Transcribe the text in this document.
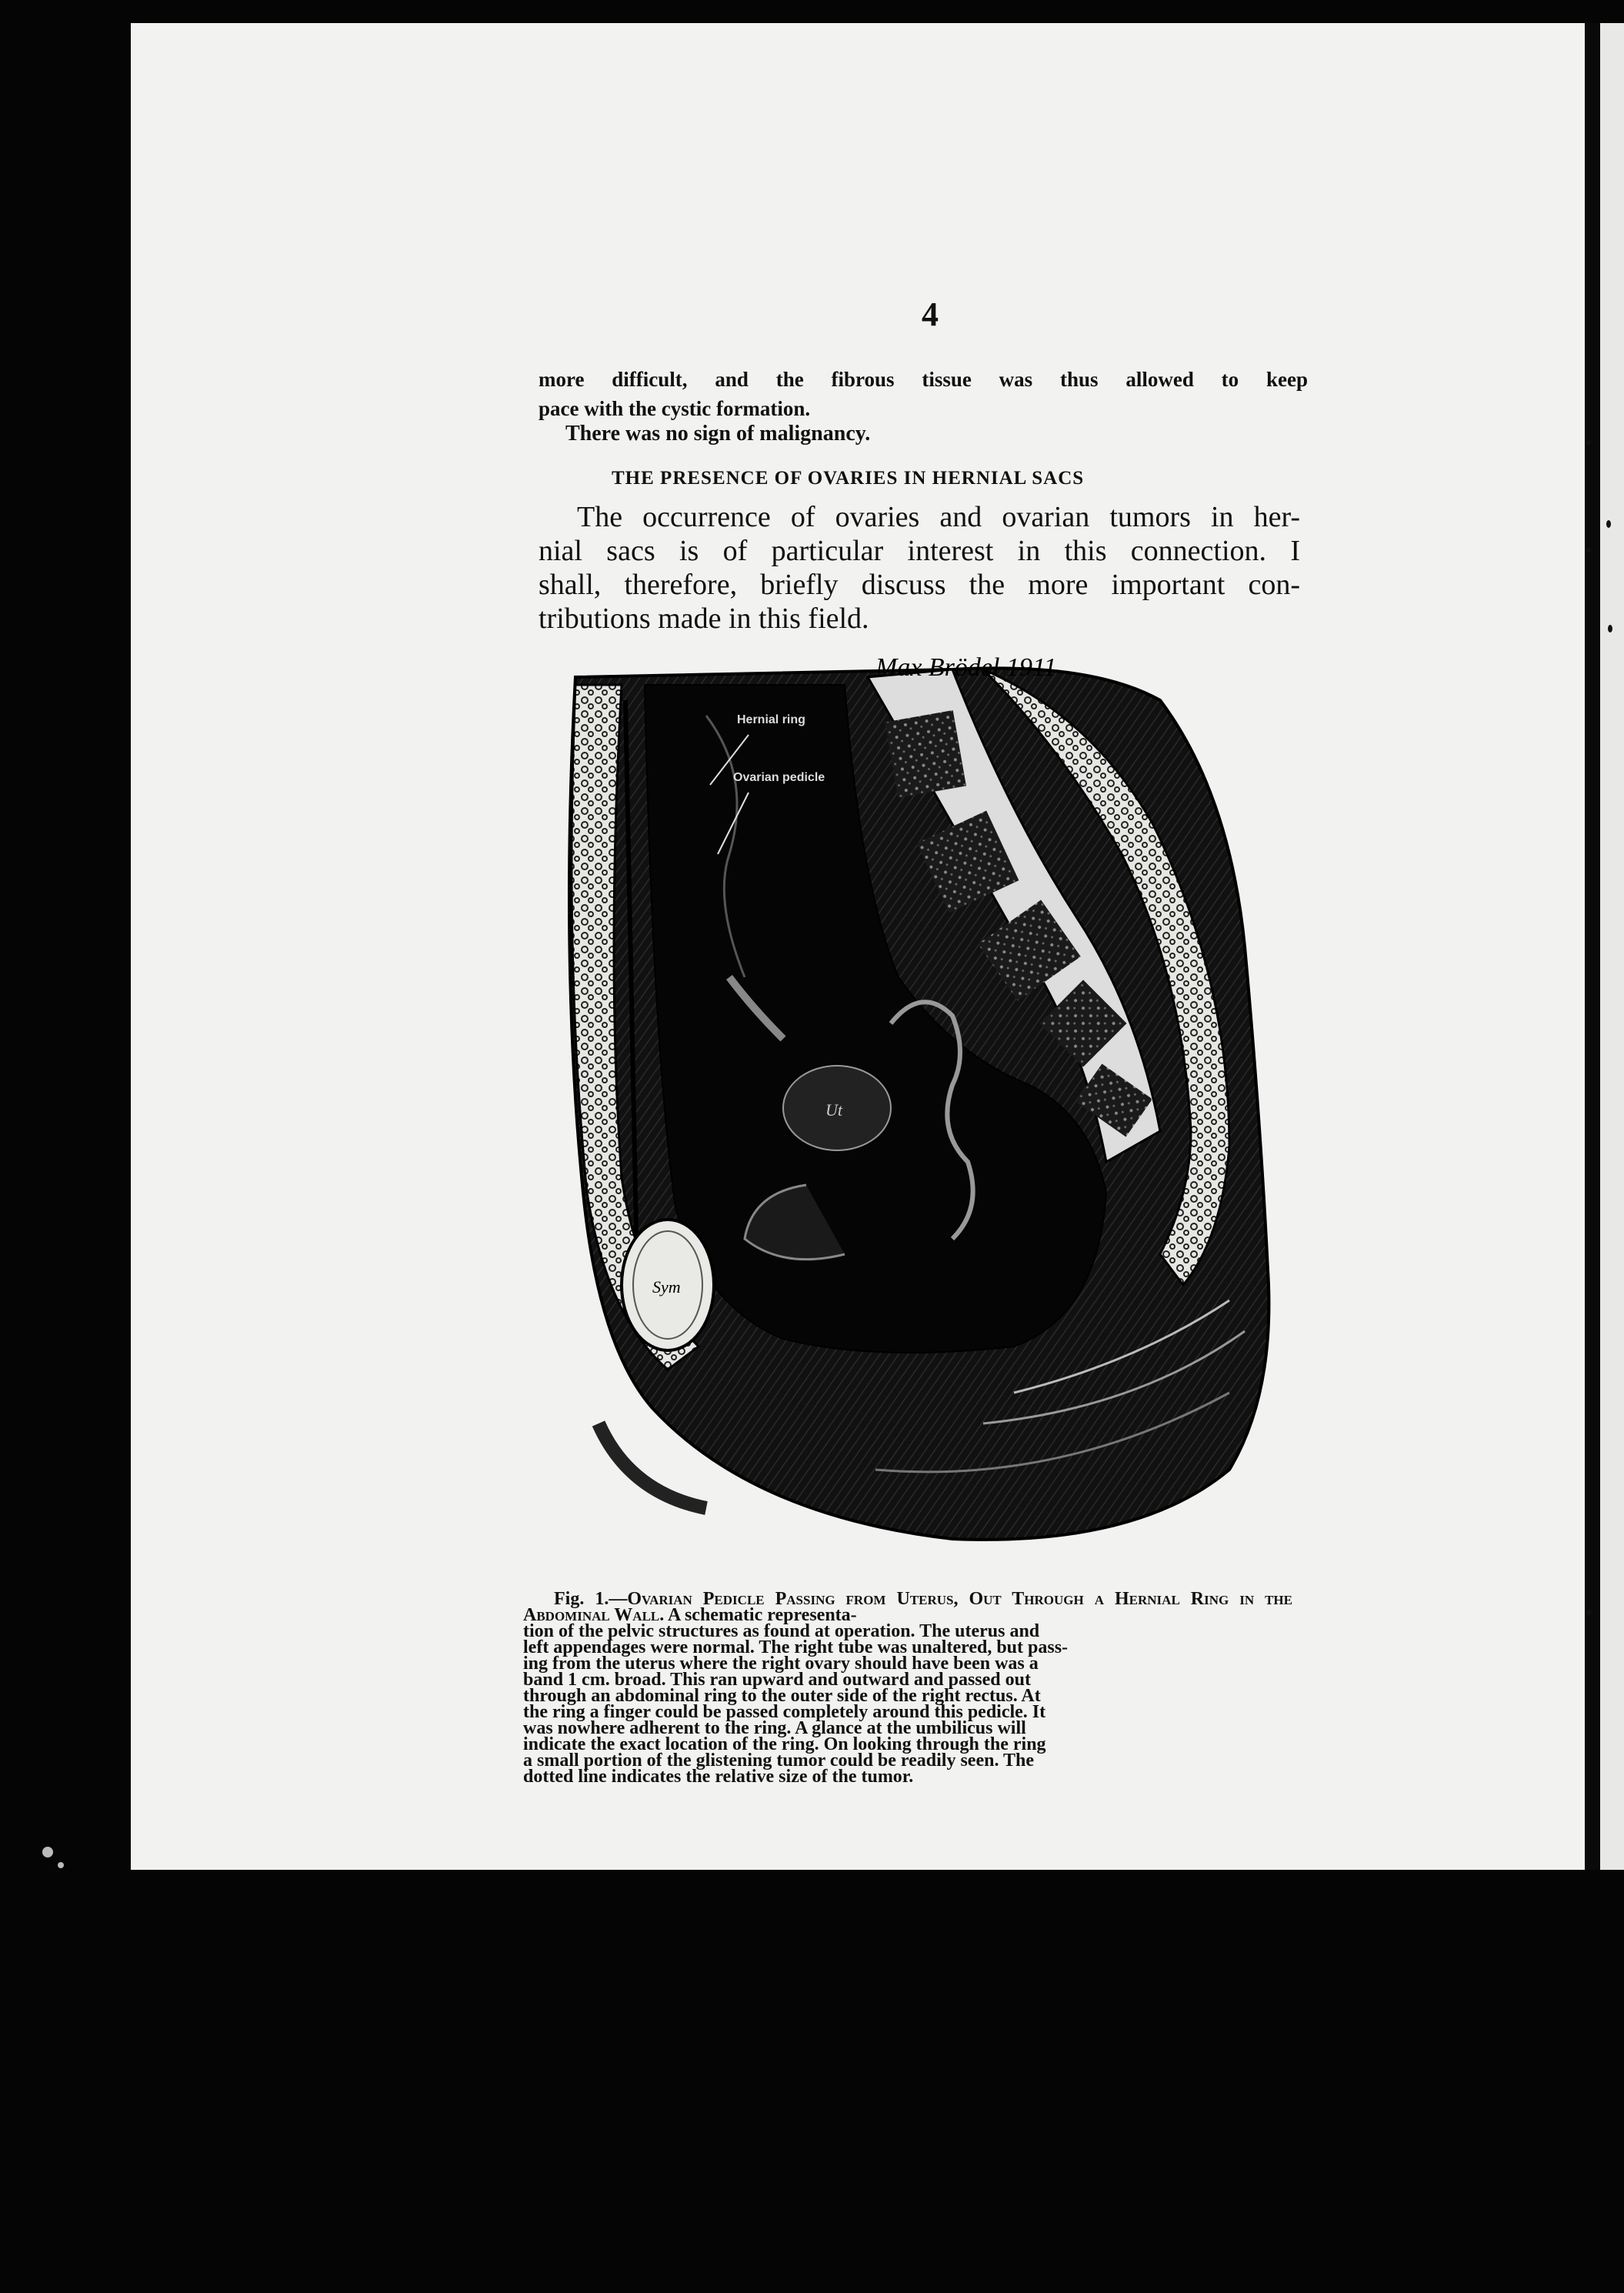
4

more difficult, and the fibrous tissue was thus allowed to keep
pace with the cystic formation.

There was no sign of malignancy.

THE PRESENCE OF OVARIES IN HERNIAL SACS
The occurrence of ovaries and ovarian tumors in her-
nial sacs is of particular interest in this connection. I
shall, therefore, briefly discuss the more important con-
tributions made in this field.
Max Brödel 1911
Hernial ring
Ovarian pedicle
Ut
Sym
Fig. 1.—Ovarian Pedicle Passing from Uterus, Out Through a Hernial Ring in the Abdominal Wall. A schematic representa-
tion of the pelvic structures as found at operation. The uterus and
left appendages were normal. The right tube was unaltered, but pass-
ing from the uterus where the right ovary should have been was a
band 1 cm. broad. This ran upward and outward and passed out
through an abdominal ring to the outer side of the right rectus. At
the ring a finger could be passed completely around this pedicle. It
was nowhere adherent to the ring. A glance at the umbilicus will
indicate the exact location of the ring. On looking through the ring
a small portion of the glistening tumor could be readily seen. The
dotted line indicates the relative size of the tumor.
